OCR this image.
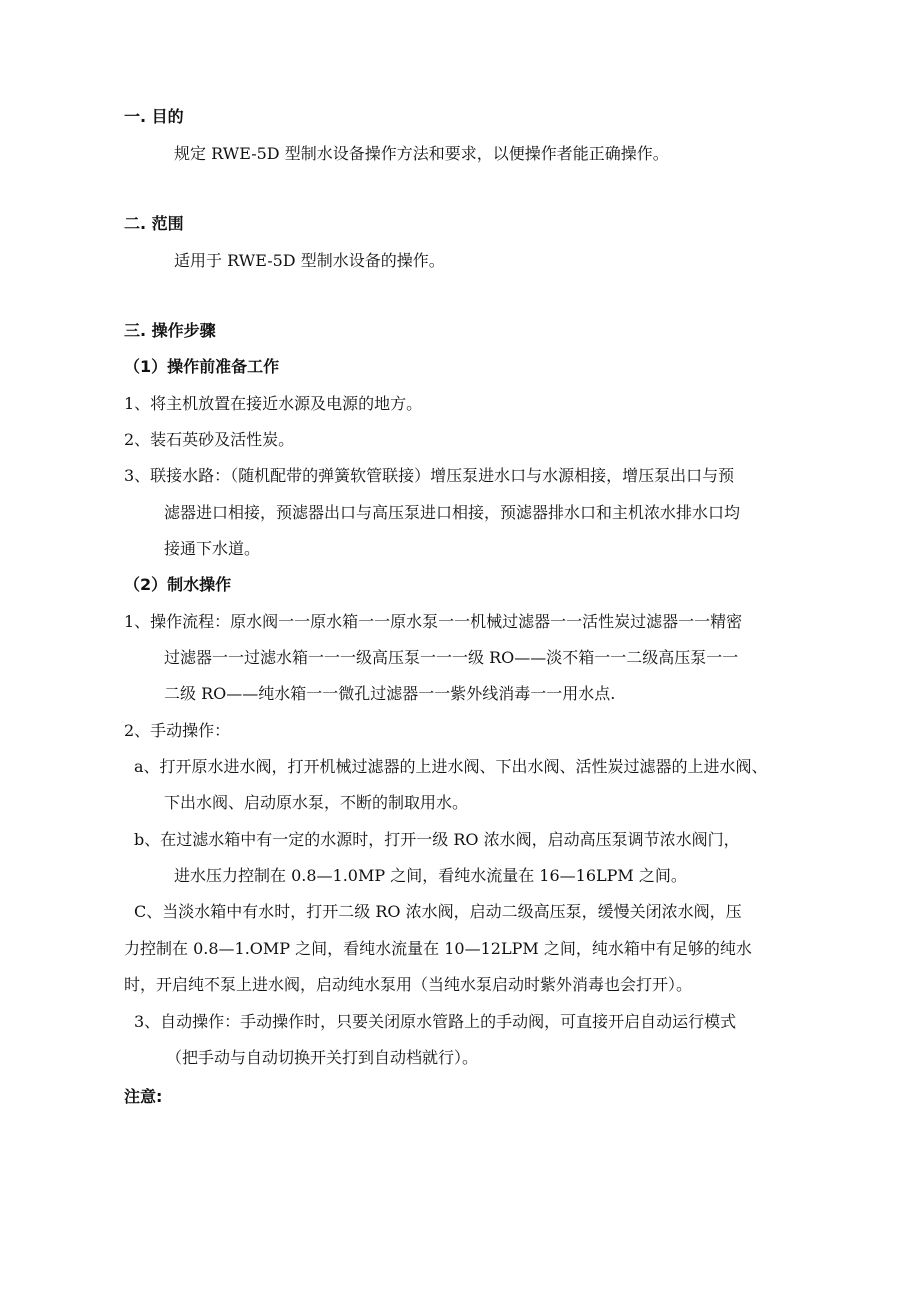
一. 目的
规定 RWE-5D 型制水设备操作方法和要求，以便操作者能正确操作。
二. 范围
适用于 RWE-5D 型制水设备的操作。
三. 操作步骤
（1）操作前准备工作
1、将主机放置在接近水源及电源的地方。
2、装石英砂及活性炭。
3、联接水路：（随机配带的弹簧软管联接）增压泵进水口与水源相接，增压泵出口与预
滤器进口相接，预滤器出口与高压泵进口相接，预滤器排水口和主机浓水排水口均
接通下水道。
（2）制水操作
1、操作流程：原水阀一一原水箱一一原水泵一一机械过滤器一一活性炭过滤器一一精密
过滤器一一过滤水箱一一一级高压泵一一一级 RO——淡不箱一一二级高压泵一一
二级 RO——纯水箱一一微孔过滤器一一紫外线消毒一一用水点.
2、手动操作：
a、打开原水进水阀，打开机械过滤器的上进水阀、下出水阀、活性炭过滤器的上进水阀、
下出水阀、启动原水泵，不断的制取用水。
b、在过滤水箱中有一定的水源时，打开一级 RO 浓水阀，启动高压泵调节浓水阀门，
进水压力控制在 0.8—1.0MP 之间，看纯水流量在 16—16LPM 之间。
C、当淡水箱中有水时，打开二级 RO 浓水阀，启动二级高压泵，缓慢关闭浓水阀，压
力控制在 0.8—1.OMP 之间，看纯水流量在 10—12LPM 之间，纯水箱中有足够的纯水
时，开启纯不泵上进水阀，启动纯水泵用（当纯水泵启动时紫外消毒也会打开）。
3、自动操作：手动操作时，只要关闭原水管路上的手动阀，可直接开启自动运行模式
（把手动与自动切换开关打到自动档就行）。
注意:
